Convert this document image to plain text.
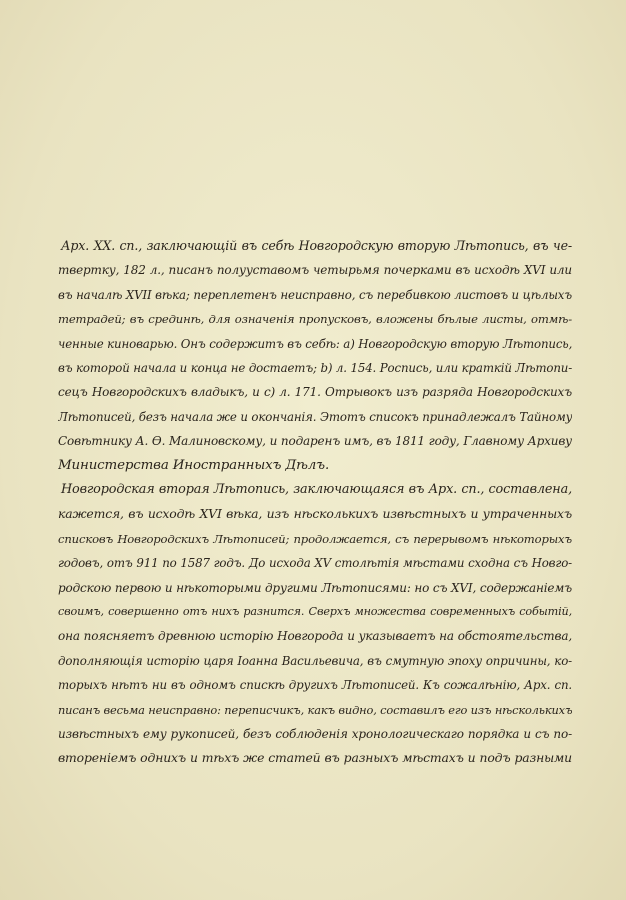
Арх. XX. сп., заключающій въ себѣ Новгородскую вторую Лѣтопись, въ че-
твертку, 182 л., писанъ полууставомъ четырьмя почерками въ исходѣ XVI или
въ началѣ XVII вѣка; переплетенъ неисправно, съ перебивкою листовъ и цѣлыхъ
тетрадей; въ срединѣ, для означенія пропусковъ, вложены бѣлые листы, отмѣ-
ченные киноварью. Онъ содержитъ въ себѣ: а) Новгородскую вторую Лѣтопись,
въ которой начала и конца не достаетъ; b) л. 154. Роспись, или краткій Лѣтопи-
сецъ Новгородскихъ владыкъ, и с) л. 171. Отрывокъ изъ разряда Новгородскихъ
Лѣтописей, безъ начала же и окончанія. Этотъ списокъ принадлежалъ Тайному
Совѣтнику А. Ѳ. Малиновскому, и подаренъ имъ, въ 1811 году, Главному Архиву
Министерства Иностранныхъ Дѣлъ.
Новгородская вторая Лѣтопись, заключающаяся въ Арх. сп., составлена,
кажется, въ исходѣ XVI вѣка, изъ нѣсколькихъ извѣстныхъ и утраченныхъ
списковъ Новгородскихъ Лѣтописей; продолжается, съ перерывомъ нѣкоторыхъ
годовъ, отъ 911 по 1587 годъ. До исхода XV столѣтія мѣстами сходна съ Новго-
родскою первою и нѣкоторыми другими Лѣтописями: но съ XVI, содержаніемъ
своимъ, совершенно отъ нихъ разнится. Сверхъ множества современныхъ событій,
она поясняетъ древнюю исторію Новгорода и указываетъ на обстоятельства,
дополняющія исторію царя Іоанна Васильевича, въ смутную эпоху опричины, ко-
торыхъ нѣтъ ни въ одномъ спискѣ другихъ Лѣтописей. Къ сожалѣнію, Арх. сп.
писанъ весьма неисправно: переписчикъ, какъ видно, составилъ его изъ нѣсколькихъ
извѣстныхъ ему рукописей, безъ соблюденія хронологическаго порядка и съ по-
втореніемъ однихъ и тѣхъ же статей въ разныхъ мѣстахъ и подъ разными
